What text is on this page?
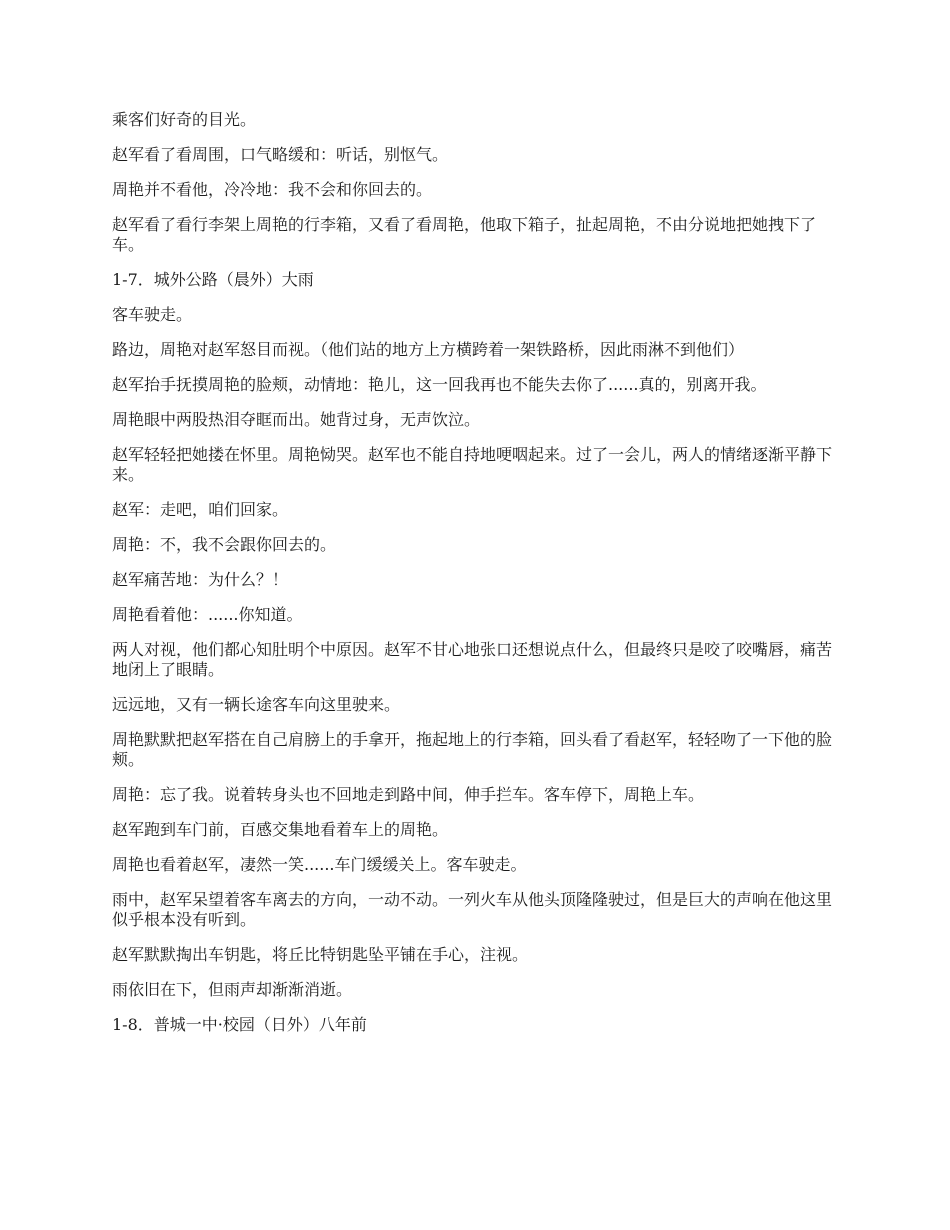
乘客们好奇的目光。

赵军看了看周围，口气略缓和：听话，别怄气。

周艳并不看他，冷冷地：我不会和你回去的。

赵军看了看行李架上周艳的行李箱，又看了看周艳，他取下箱子，扯起周艳，不由分说地把她拽下了车。

1-7．城外公路（晨外）大雨

客车驶走。

路边，周艳对赵军怒目而视。（他们站的地方上方横跨着一架铁路桥，因此雨淋不到他们）

赵军抬手抚摸周艳的脸颊，动情地：艳儿，这一回我再也不能失去你了......真的，别离开我。

周艳眼中两股热泪夺眶而出。她背过身，无声饮泣。

赵军轻轻把她搂在怀里。周艳恸哭。赵军也不能自持地哽咽起来。过了一会儿，两人的情绪逐渐平静下来。

赵军：走吧，咱们回家。

周艳：不，我不会跟你回去的。

赵军痛苦地：为什么？！

周艳看着他：......你知道。

两人对视，他们都心知肚明个中原因。赵军不甘心地张口还想说点什么，但最终只是咬了咬嘴唇，痛苦地闭上了眼睛。

远远地，又有一辆长途客车向这里驶来。

周艳默默把赵军搭在自己肩膀上的手拿开，拖起地上的行李箱，回头看了看赵军，轻轻吻了一下他的脸颊。

周艳：忘了我。说着转身头也不回地走到路中间，伸手拦车。客车停下，周艳上车。

赵军跑到车门前，百感交集地看着车上的周艳。

周艳也看着赵军，凄然一笑......车门缓缓关上。客车驶走。

雨中，赵军呆望着客车离去的方向，一动不动。一列火车从他头顶隆隆驶过，但是巨大的声响在他这里似乎根本没有听到。

赵军默默掏出车钥匙，将丘比特钥匙坠平铺在手心，注视。

雨依旧在下，但雨声却渐渐消逝。

1-8．普城一中·校园（日外）八年前
